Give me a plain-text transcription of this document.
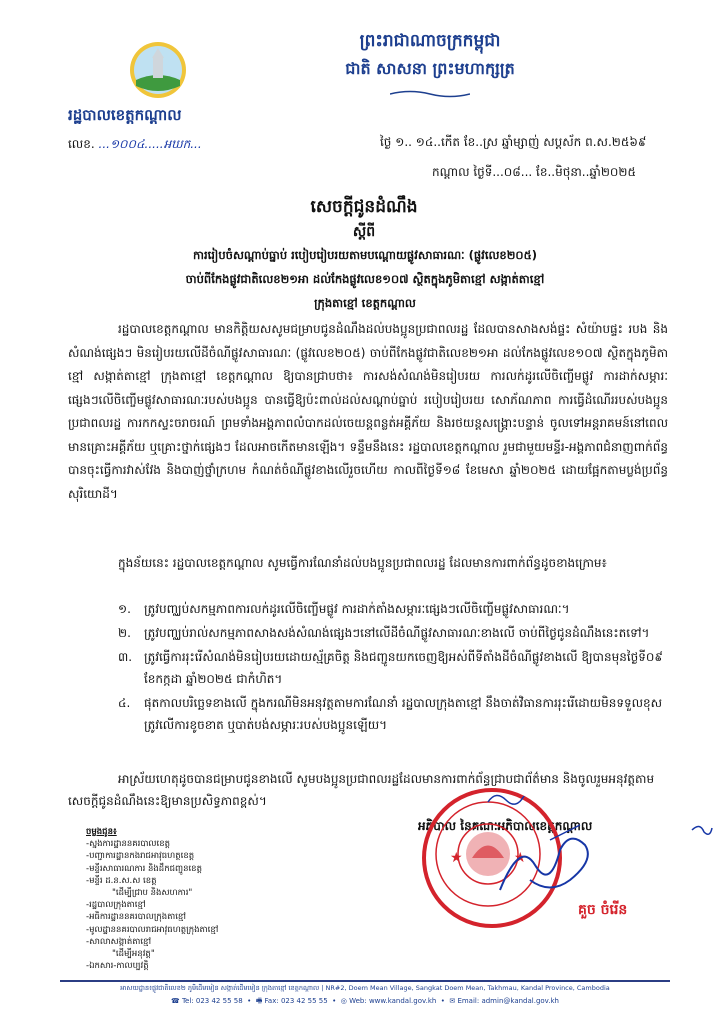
រដ្ឋបាលខេត្តកណ្តាល
ព្រះរាជាណាចក្រកម្ពុជា
ជាតិ សាសនា ព្រះមហាក្សត្រ
លេខ. ...១០០៤.....អឃក...	ថ្ងៃ ១.. ១៤..កើត ខែ..ស្រ ឆ្នាំម្សាញ់ សប្តស័ក ព.ស.២៥៦៩
កណ្តាល ថ្ងៃទី...០៨... ខែ..មិថុនា..ឆ្នាំ២០២៥
សេចក្តីជូនដំណឹង
ស្តីពី
ការរៀបចំសណ្តាប់ធ្នាប់ របៀបរៀបរយតាមបណ្តោយផ្លូវសាធារណៈ (ផ្លូវលេខ២០៥)
ចាប់ពីកែងផ្លូវជាតិលេខ២១អា ដល់កែងផ្លូវលេខ១០៧ ស្ថិតក្នុងភូមិតាខ្មៅ សង្កាត់តាខ្មៅ
ក្រុងតាខ្មៅ ខេត្តកណ្តាល
រដ្ឋបាលខេត្តកណ្តាល មានកិត្តិយសសូមជម្រាបជូនដំណឹងដល់បងប្អូនប្រជាពលរដ្ឋ ដែលបានសាងសង់ផ្ទះ សំយ៉ាបផ្ទះ របង និងសំណង់ផ្សេងៗ មិនរៀបរយលើដីចំណីផ្លូវសាធារណៈ (ផ្លូវលេខ២០៥) ចាប់ពីកែងផ្លូវជាតិលេខ២១អា ដល់កែងផ្លូវលេខ១០៧ ស្ថិតក្នុងភូមិតាខ្មៅ សង្កាត់តាខ្មៅ ក្រុងតាខ្មៅ ខេត្តកណ្តាល ឱ្យបានជ្រាបថា៖ ការសង់សំណង់មិនរៀបរយ ការលក់ដូរលើចិញ្ចើមផ្លូវ ការដាក់សម្ភារៈផ្សេងៗលើចិញ្ចើមផ្លូវសាធារណៈរបស់បងប្អូន បានធ្វើឱ្យប៉ះពាល់ដល់សណ្តាប់ធ្នាប់ របៀបរៀបរយ សោភ័ណភាព ការធ្វើដំណើររបស់បងប្អូនប្រជាពលរដ្ឋ ការកកស្ទះចរាចរណ៍ ព្រមទាំងអង្គភាពលំបាកដល់ចេយន្តពន្លត់អគ្គីភ័យ និងរថយន្តសង្គ្រោះបន្ទាន់ ចូលទៅអន្តរាគមន៍នៅពេលមានគ្រោះអគ្គីភ័យ ឬគ្រោះថ្នាក់ផ្សេងៗ ដែលអាចកើតមានឡើង។ ទន្ទឹមនឹងនេះ រដ្ឋបាលខេត្តកណ្តាល រួមជាមួយមន្ទីរ-អង្គភាពជំនាញពាក់ព័ន្ធ បានចុះធ្វើការវាស់វែង និងបាញ់ថ្នាំក្រហម កំណត់ចំណីផ្លូវខាងលើរួចហើយ កាលពីថ្ងៃទី១៨ ខែមេសា ឆ្នាំ២០២៥ ដោយផ្អែកតាមប្លង់ប្រព័ន្ធសុរិយោដី។
ក្នុងន័យនេះ រដ្ឋបាលខេត្តកណ្តាល សូមធ្វើការណែនាំដល់បងប្អូនប្រជាពលរដ្ឋ ដែលមានការពាក់ព័ន្ធដូចខាងក្រោម៖
១.	ត្រូវបញ្ឈប់សកម្មភាពការលក់ដូរលើចិញ្ចើមផ្លូវ ការដាក់តាំងសម្ភារៈផ្សេងៗលើចិញ្ចើមផ្លូវសាធារណៈ។
២.	ត្រូវបញ្ឈប់រាល់សកម្មភាពសាងសង់សំណង់ផ្សេងៗនៅលើដីចំណីផ្លូវសាធារណៈខាងលើ ចាប់ពីថ្ងៃជូនដំណឹងនេះតទៅ។
៣. ត្រូវធ្វើការរុះរើសំណង់មិនរៀបរយដោយស្ម័គ្រចិត្ត និងជញ្ជូនយកចេញឱ្យអស់ពីទីតាំងដីចំណីផ្លូវខាងលើ ឱ្យបានមុនថ្ងៃទី០៩ ខែកក្កដា ឆ្នាំ២០២៥ ជាកំហិត។
៤.	ផុតកាលបរិច្ឆេទខាងលើ ក្នុងករណីមិនអនុវត្តតាមការណែនាំ រដ្ឋបាលក្រុងតាខ្មៅ នឹងចាត់វិធានការរុះរើដោយមិនទទួលខុសត្រូវលើការខូចខាត ឬបាត់បង់សម្ភារៈរបស់បងប្អូនឡើយ។
អាស្រ័យហេតុដូចបានជម្រាបជូនខាងលើ សូមបងប្អូនប្រជាពលរដ្ឋដែលមានការពាក់ព័ន្ធជ្រាបជាព័ត៌មាន និងចូលរួមអនុវត្តតាមសេចក្តីជូនដំណឹងនេះឱ្យមានប្រសិទ្ធភាពខ្ពស់។
អភិបាល នៃគណៈអភិបាលខេត្តកណ្តាល
★	★
គួច ចំរើន
ចម្លងជូន៖
-ស្នងការដ្ឋាននគរបាលខេត្ត
-បញ្ជាការដ្ឋានកងរាជអាវុធហត្ថខេត្ត
-មន្ទីរសាធារណការ និងដឹកជញ្ជូនខេត្ត
-មន្ទីរ ដ.ន.ស.ស ខេត្ត
"ដើម្បីជ្រាប និងសហការ"
-រដ្ឋបាលក្រុងតាខ្មៅ
-អធិការដ្ឋាននគរបាលក្រុងតាខ្មៅ
-មូលដ្ឋាននគរបាលរាជអាវុធហត្ថក្រុងតាខ្មៅ
-សាលាសង្កាត់តាខ្មៅ
"ដើម្បីអនុវត្ត"
-ឯកសារ-កាលប្បវត្តិ
អាសយដ្ឋាន៖ផ្លូវជាតិលេខ២ ភូមិដើមមៀន សង្កាត់ដើមមៀន ក្រុងតាខ្មៅ ខេត្តកណ្តាល | NR#2, Doem Mean Village, Sangkat Doem Mean, Takhmau, Kandal Province, Cambodia
☎ Tel: 023 42 55 58  •  🖷 Fax: 023 42 55 55  •  ◎ Web: www.kandal.gov.kh  •  ✉ Email: admin@kandal.gov.kh
